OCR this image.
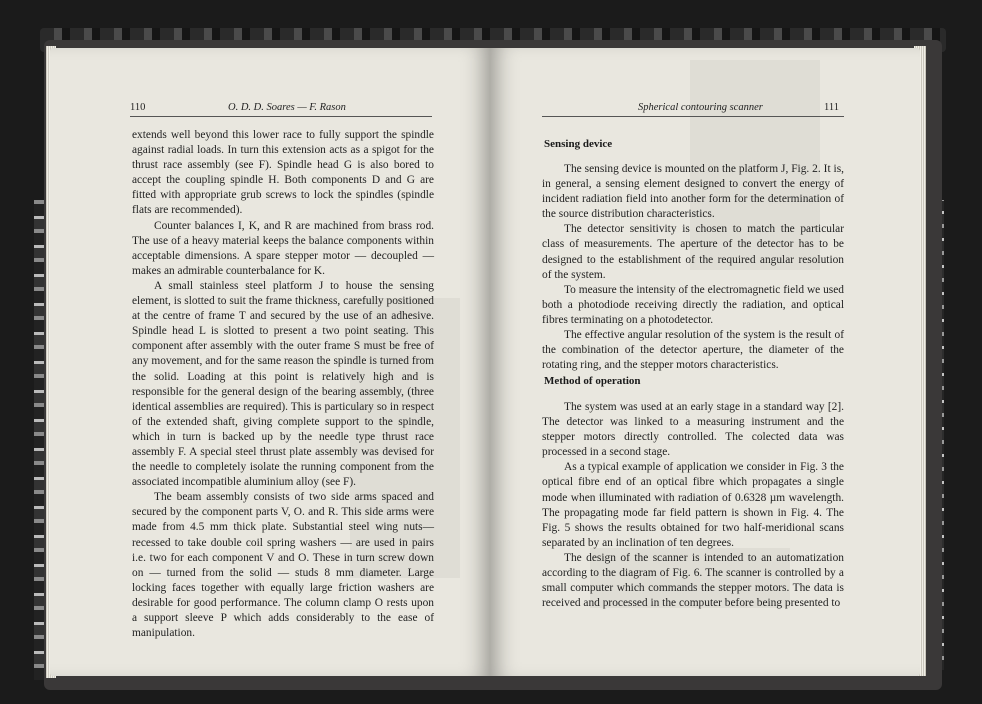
110	O. D. D. Soares — F. Rason

extends well beyond this lower race to fully support the spindle against radial loads. In turn this extension acts as a spigot for the thrust race assembly (see F). Spindle head G is also bored to accept the coupling spindle H. Both components D and G are fitted with appropriate grub screws to lock the spindles (spindle flats are recommended).

Counter balances I, K, and R are machined from brass rod. The use of a heavy material keeps the balance components within acceptable dimensions. A spare stepper motor — decoupled — makes an admirable counterbalance for K.

A small stainless steel platform J to house the sensing element, is slotted to suit the frame thickness, carefully positioned at the centre of frame T and secured by the use of an adhesive. Spindle head L is slotted to present a two point seating. This component after assembly with the outer frame S must be free of any movement, and for the same reason the spindle is turned from the solid. Loading at this point is relatively high and is responsible for the general design of the bearing assembly, (three identical assemblies are required). This is particulary so in respect of the extended shaft, giving complete support to the spindle, which in turn is backed up by the needle type thrust race assembly F. A special steel thrust plate assembly was devised for the needle to completely isolate the running component from the associated incompatible aluminium alloy (see F).

The beam assembly consists of two side arms spaced and secured by the component parts V, O. and R. This side arms were made from 4.5 mm thick plate. Substantial steel wing nuts—recessed to take double coil spring washers — are used in pairs i.e. two for each component V and O. These in turn screw down on — turned from the solid — studs 8 mm diameter. Large locking faces together with equally large friction washers are desirable for good performance. The column clamp O rests upon a support sleeve P which adds considerably to the ease of manipulation.

Spherical contouring scanner	111
Sensing device

The sensing device is mounted on the platform J, Fig. 2. It is, in general, a sensing element designed to convert the energy of incident radiation field into another form for the determination of the source distribution characteristics.

The detector sensitivity is chosen to match the particular class of measurements. The aperture of the detector has to be designed to the establishment of the required angular resolution of the system.

To measure the intensity of the electromagnetic field we used both a photodiode receiving directly the radiation, and optical fibres terminating on a photodetector.

The effective angular resolution of the system is the result of the combination of the detector aperture, the diameter of the rotating ring, and the stepper motors characteristics.

Method of operation

The system was used at an early stage in a standard way [2]. The detector was linked to a measuring instrument and the stepper motors directly controlled. The colected data was processed in a second stage.

As a typical example of application we consider in Fig. 3 the optical fibre end of an optical fibre which propagates a single mode when illuminated with radiation of 0.6328 µm wavelength. The propagating mode far field pattern is shown in Fig. 4. The Fig. 5 shows the results obtained for two half-meridional scans separated by an inclination of ten degrees.

The design of the scanner is intended to an automatization according to the diagram of Fig. 6. The scanner is controlled by a small computer which commands the stepper motors. The data is received and processed in the computer before being presented to
